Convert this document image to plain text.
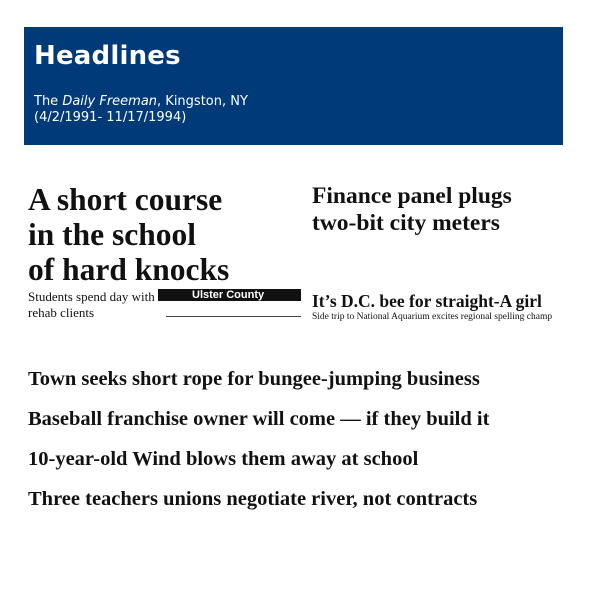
Headlines
The Daily Freeman, Kingston, NY
(4/2/1991- 11/17/1994)
A short course
in the school
of hard knocks
Students spend day with rehab clients
Ulster County
Finance panel plugs
two-bit city meters
It’s D.C. bee for straight-A girl
Side trip to National Aquarium excites regional spelling champ
Town seeks short rope for bungee-jumping business
Baseball franchise owner will come — if they build it
10-year-old Wind blows them away at school
Three teachers unions negotiate river, not contracts
